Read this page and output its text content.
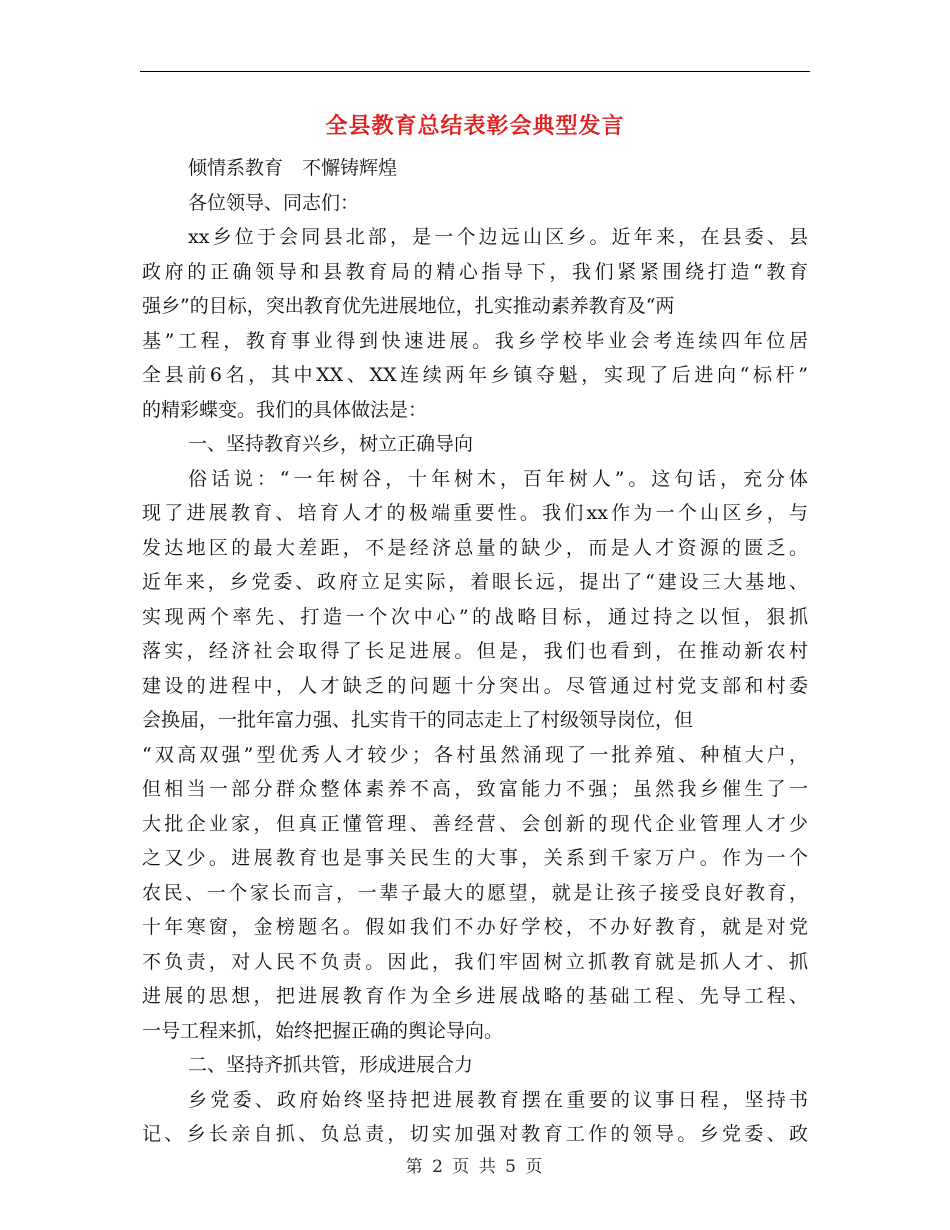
全县教育总结表彰会典型发言
倾情系教育　不懈铸辉煌
各位领导、同志们：
xx乡位于会同县北部，是一个边远山区乡。近年来，在县委、县
政府的正确领导和县教育局的精心指导下，我们紧紧围绕打造“教育
强乡”的目标，突出教育优先进展地位，扎实推动素养教育及“两
基”工程，教育事业得到快速进展。我乡学校毕业会考连续四年位居
全县前6名，其中XX、XX连续两年乡镇夺魁，实现了后进向“标杆”
的精彩蝶变。我们的具体做法是：
一、坚持教育兴乡，树立正确导向
俗话说：“一年树谷，十年树木，百年树人”。这句话，充分体
现了进展教育、培育人才的极端重要性。我们xx作为一个山区乡，与
发达地区的最大差距，不是经济总量的缺少，而是人才资源的匮乏。
近年来，乡党委、政府立足实际，着眼长远，提出了“建设三大基地、
实现两个率先、打造一个次中心”的战略目标，通过持之以恒，狠抓
落实，经济社会取得了长足进展。但是，我们也看到，在推动新农村
建设的进程中，人才缺乏的问题十分突出。尽管通过村党支部和村委
会换届，一批年富力强、扎实肯干的同志走上了村级领导岗位，但
“双高双强”型优秀人才较少；各村虽然涌现了一批养殖、种植大户，
但相当一部分群众整体素养不高，致富能力不强；虽然我乡催生了一
大批企业家，但真正懂管理、善经营、会创新的现代企业管理人才少
之又少。进展教育也是事关民生的大事，关系到千家万户。作为一个
农民、一个家长而言，一辈子最大的愿望，就是让孩子接受良好教育，
十年寒窗，金榜题名。假如我们不办好学校，不办好教育，就是对党
不负责，对人民不负责。因此，我们牢固树立抓教育就是抓人才、抓
进展的思想，把进展教育作为全乡进展战略的基础工程、先导工程、
一号工程来抓，始终把握正确的舆论导向。
二、坚持齐抓共管，形成进展合力
乡党委、政府始终坚持把进展教育摆在重要的议事日程，坚持书
记、乡长亲自抓、负总责，切实加强对教育工作的领导。乡党委、政
第 2 页 共 5 页
